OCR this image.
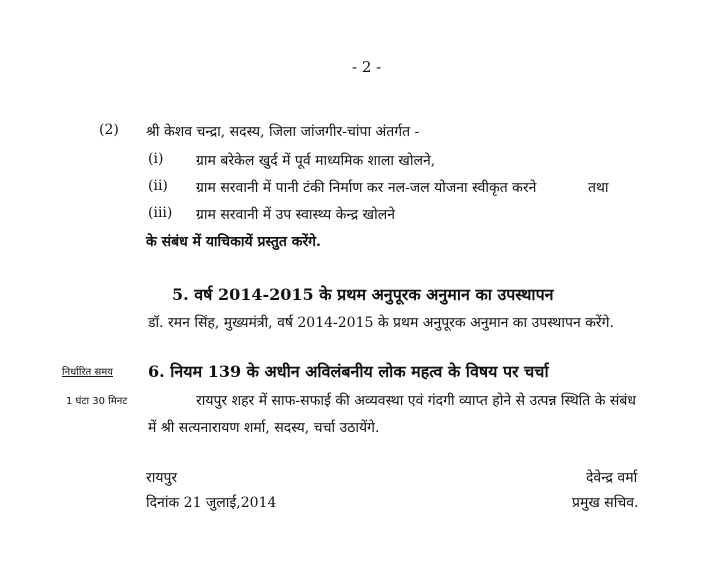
- 2 -
(2) श्री केशव चन्द्रा, सदस्य, जिला जांजगीर-चांपा अंतर्गत -
(i) ग्राम बरेकेल खुर्द में पूर्व माध्यमिक शाला खोलने,
(ii) ग्राम सरवानी में पानी टंकी निर्माण कर नल-जल योजना स्वीकृत करने	तथा
(iii) ग्राम सरवानी में उप स्वास्थ्य केन्द्र खोलने
के संबंध में याचिकायें प्रस्तुत करेंगे.
5. वर्ष 2014-2015 के प्रथम अनुपूरक अनुमान का उपस्थापन
डॉ. रमन सिंह, मुख्यमंत्री, वर्ष 2014-2015 के प्रथम अनुपूरक अनुमान का उपस्थापन करेंगे.
निर्धारित समय
1 घंटा 30 मिनट
6. नियम 139 के अधीन अविलंबनीय लोक महत्व के विषय पर चर्चा
रायपुर शहर में साफ-सफाई की अव्यवस्था एवं गंदगी व्याप्त होने से उत्पन्न स्थिति के संबंध
में श्री सत्यनारायण शर्मा, सदस्य, चर्चा उठायेंगे.
रायपुर
दिनांक 21 जुलाई,2014
देवेन्द्र वर्मा
प्रमुख सचिव.
